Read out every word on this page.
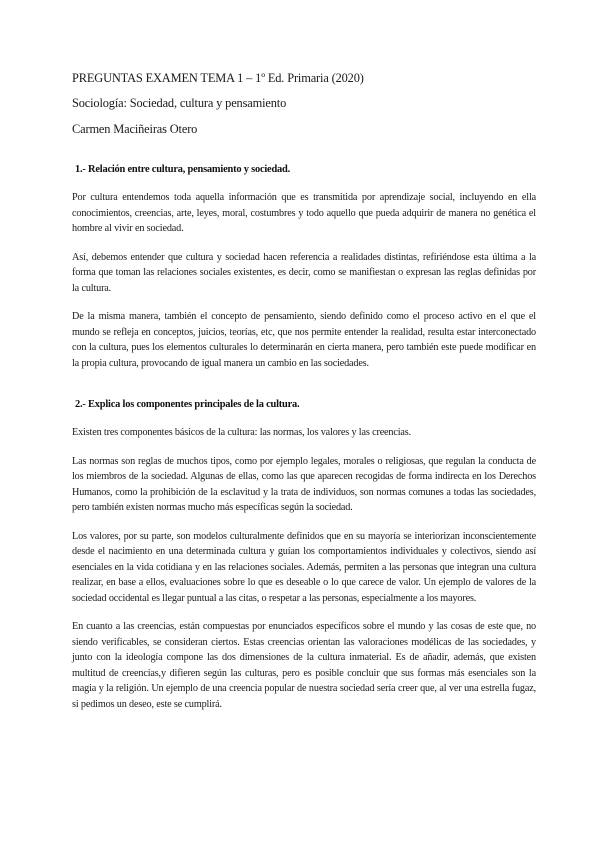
PREGUNTAS EXAMEN TEMA 1 – 1º Ed. Primaria (2020)
Sociología: Sociedad, cultura y pensamiento
Carmen Maciñeiras Otero
1.- Relación entre cultura, pensamiento y sociedad.

Por cultura entendemos toda aquella información que es transmitida por aprendizaje social, incluyendo en ella conocimientos, creencias, arte, leyes, moral, costumbres y todo aquello que pueda adquirir de manera no genética el hombre al vivir en sociedad.

Así, debemos entender que cultura y sociedad hacen referencia a realidades distintas, refiriéndose esta última a la forma que toman las relaciones sociales existentes, es decir, como se manifiestan o expresan las reglas definidas por la cultura.

De la misma manera, también el concepto de pensamiento, siendo definido como el proceso activo en el que el mundo se refleja en conceptos, juicios, teorías, etc, que nos permite entender la realidad, resulta estar interconectado con la cultura, pues los elementos culturales lo determinarán en cierta manera, pero también este puede modificar en la propia cultura, provocando de igual manera un cambio en las sociedades.

2.- Explica los componentes principales de la cultura.

Existen tres componentes básicos de la cultura: las normas, los valores y las creencias.

Las normas son reglas de muchos tipos, como por ejemplo legales, morales o religiosas, que regulan la conducta de los miembros de la sociedad. Algunas de ellas, como las que aparecen recogidas de forma indirecta en los Derechos Humanos, como la prohibición de la esclavitud y la trata de individuos, son normas comunes a todas las sociedades, pero también existen normas mucho más específicas según la sociedad.

Los valores, por su parte, son modelos culturalmente definidos que en su mayoría se interiorizan inconscientemente desde el nacimiento en una determinada cultura y guían los comportamientos individuales y colectivos, siendo así esenciales en la vida cotidiana y en las relaciones sociales. Además, permiten a las personas que integran una cultura realizar, en base a ellos, evaluaciones sobre lo que es deseable o lo que carece de valor. Un ejemplo de valores de la sociedad occidental es llegar puntual a las citas, o respetar a las personas, especialmente a los mayores.

En cuanto a las creencias, están compuestas por enunciados específicos sobre el mundo y las cosas de este que, no siendo verificables, se consideran ciertos. Estas creencias orientan las valoraciones modélicas de las sociedades, y junto con la ideología compone las dos dimensiones de la cultura inmaterial. Es de añadir, además, que existen multitud de creencias,y difieren según las culturas, pero es posible concluir que sus formas más esenciales son la magia y la religión. Un ejemplo de una creencia popular de nuestra sociedad sería creer que, al ver una estrella fugaz, si pedimos un deseo, este se cumplirá.
